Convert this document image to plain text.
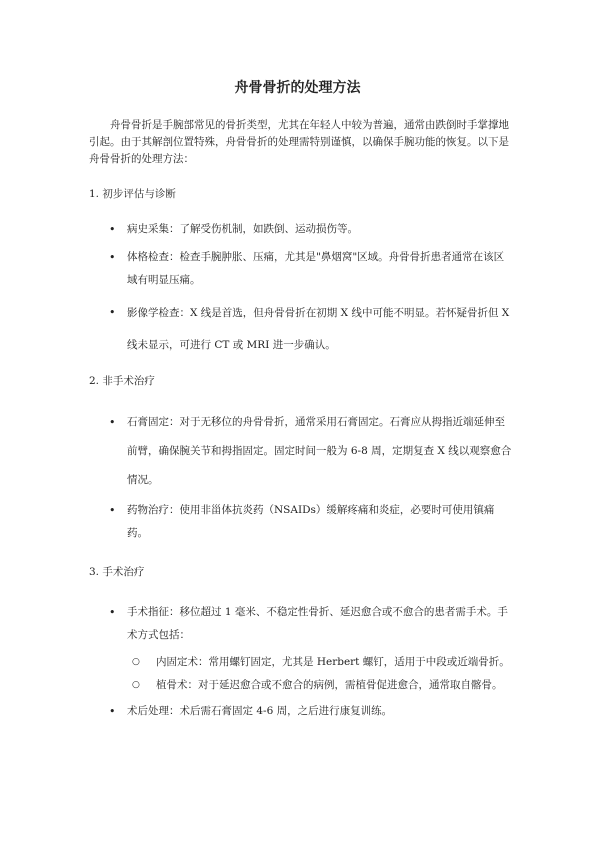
舟骨骨折的处理方法

舟骨骨折是手腕部常见的骨折类型，尤其在年轻人中较为普遍，通常由跌倒时手掌撑地引起。由于其解剖位置特殊，舟骨骨折的处理需特别谨慎，以确保手腕功能的恢复。以下是舟骨骨折的处理方法：

1. 初步评估与诊断
• 病史采集：了解受伤机制，如跌倒、运动损伤等。
• 体格检查：检查手腕肿胀、压痛，尤其是"鼻烟窝"区域。舟骨骨折患者通常在该区域有明显压痛。
• 影像学检查：X 线是首选，但舟骨骨折在初期 X 线中可能不明显。若怀疑骨折但 X 线未显示，可进行 CT 或 MRI 进一步确认。
2. 非手术治疗
• 石膏固定：对于无移位的舟骨骨折，通常采用石膏固定。石膏应从拇指近端延伸至前臂，确保腕关节和拇指固定。固定时间一般为 6-8 周，定期复查 X 线以观察愈合情况。
• 药物治疗：使用非甾体抗炎药（NSAIDs）缓解疼痛和炎症，必要时可使用镇痛药。
3. 手术治疗
• 手术指征：移位超过 1 毫米、不稳定性骨折、延迟愈合或不愈合的患者需手术。手术方式包括：
○ 内固定术：常用螺钉固定，尤其是 Herbert 螺钉，适用于中段或近端骨折。
○ 植骨术：对于延迟愈合或不愈合的病例，需植骨促进愈合，通常取自髂骨。
• 术后处理：术后需石膏固定 4-6 周，之后进行康复训练。
